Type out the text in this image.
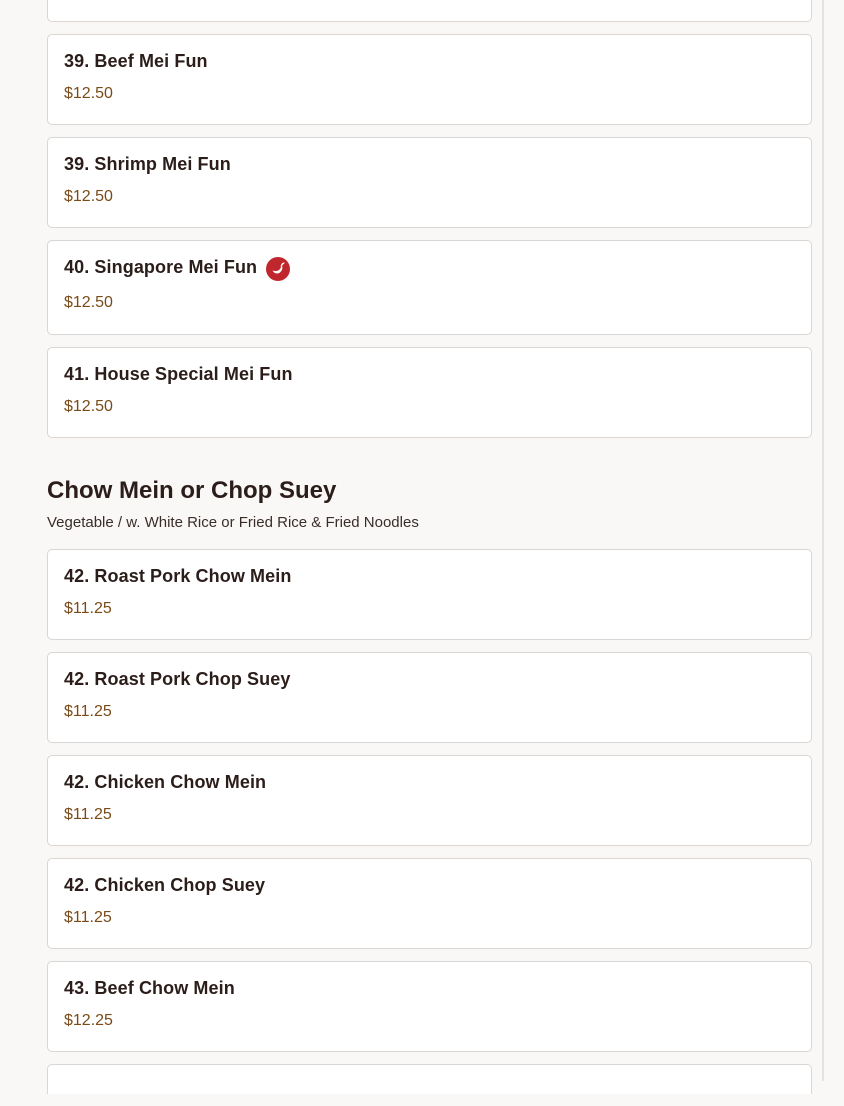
39. Beef Mei Fun
$12.50
39. Shrimp Mei Fun
$12.50
40. Singapore Mei Fun
$12.50
41. House Special Mei Fun
$12.50
Chow Mein or Chop Suey
Vegetable / w. White Rice or Fried Rice & Fried Noodles
42. Roast Pork Chow Mein
$11.25
42. Roast Pork Chop Suey
$11.25
42. Chicken Chow Mein
$11.25
42. Chicken Chop Suey
$11.25
43. Beef Chow Mein
$12.25
